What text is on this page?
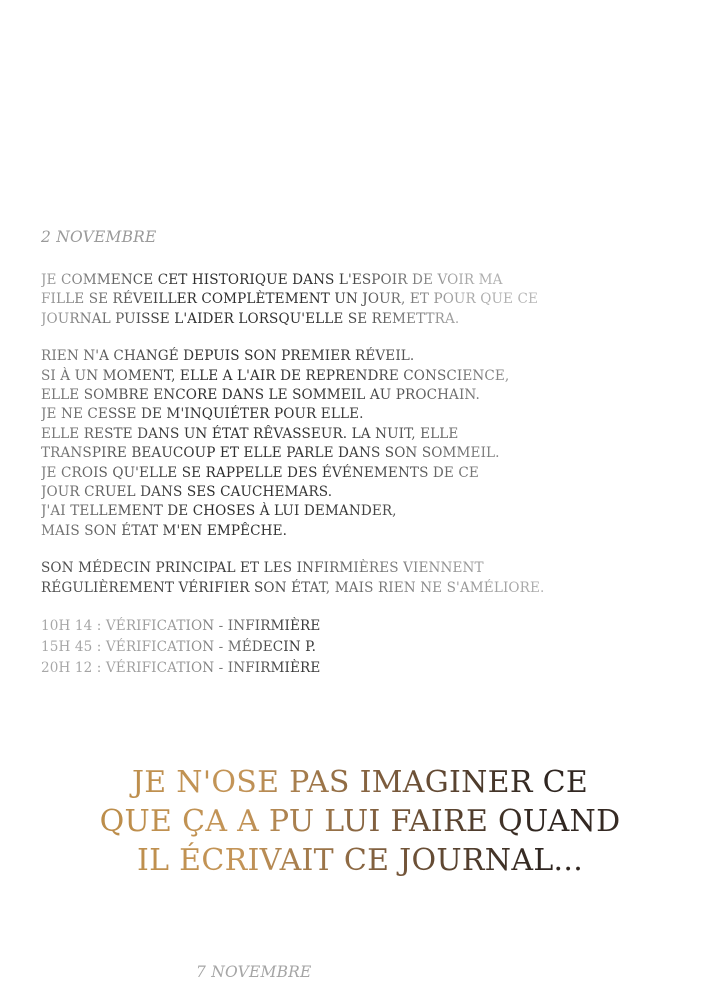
2 NOVEMBRE
JE COMMENCE CET HISTORIQUE DANS L'ESPOIR DE VOIR MA
FILLE SE RÉVEILLER COMPLÈTEMENT UN JOUR, ET POUR QUE CE
JOURNAL PUISSE L'AIDER LORSQU'ELLE SE REMETTRA.
RIEN N'A CHANGÉ DEPUIS SON PREMIER RÉVEIL.
SI À UN MOMENT, ELLE A L'AIR DE REPRENDRE CONSCIENCE,
ELLE SOMBRE ENCORE DANS LE SOMMEIL AU PROCHAIN.
JE NE CESSE DE M'INQUIÉTER POUR ELLE.
ELLE RESTE DANS UN ÉTAT RÊVASSEUR. LA NUIT, ELLE
TRANSPIRE BEAUCOUP ET ELLE PARLE DANS SON SOMMEIL.
JE CROIS QU'ELLE SE RAPPELLE DES ÉVÉNEMENTS DE CE
JOUR CRUEL DANS SES CAUCHEMARS.
J'AI TELLEMENT DE CHOSES À LUI DEMANDER,
MAIS SON ÉTAT M'EN EMPÊCHE.
SON MÉDECIN PRINCIPAL ET LES INFIRMIÈRES VIENNENT
RÉGULIÈREMENT VÉRIFIER SON ÉTAT, MAIS RIEN NE S'AMÉLIORE.
10H 14 : VÉRIFICATION - INFIRMIÈRE
15H 45 : VÉRIFICATION - MÉDECIN P.
20H 12 : VÉRIFICATION - INFIRMIÈRE
JE N'OSE PAS IMAGINER CE
QUE ÇA A PU LUI FAIRE QUAND
IL ÉCRIVAIT CE JOURNAL...
7 NOVEMBRE
